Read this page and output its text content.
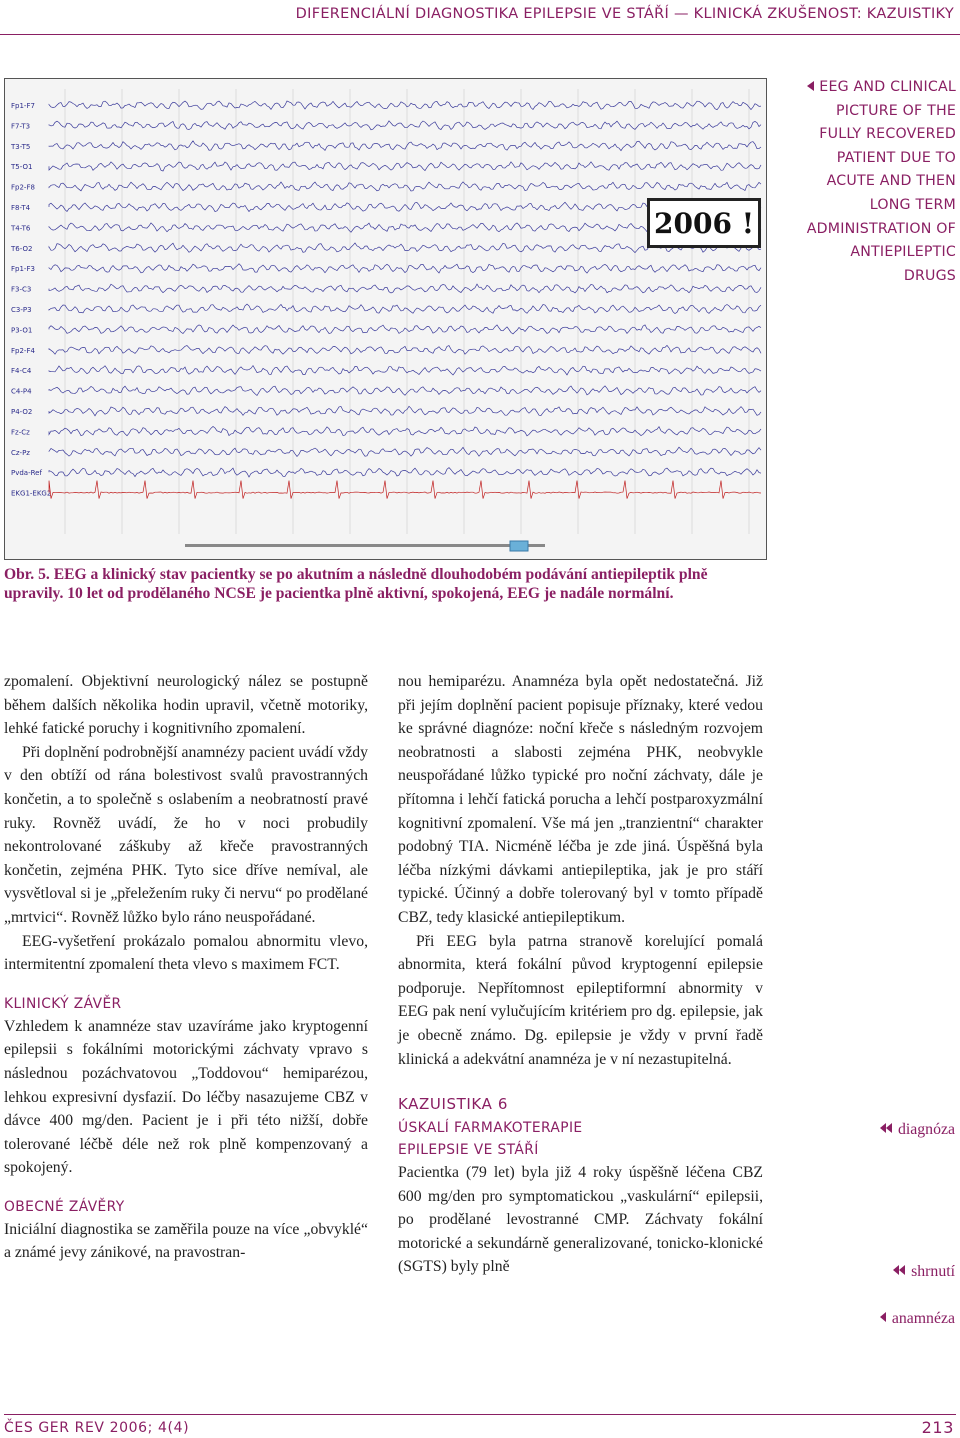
DIFERENCIÁLNÍ DIAGNOSTIKA EPILEPSIE VE STÁŘÍ — KLINICKÁ ZKUŠENOST: KAZUISTIKY
Fp1-F7
F7-T3
T3-T5
T5-O1
Fp2-F8
F8-T4
T4-T6
T6-O2
Fp1-F3
F3-C3
C3-P3
P3-O1
Fp2-F4
F4-C4
C4-P4
P4-O2
Fz-Cz
Cz-Pz
Pvda-Ref
EKG1-EKG2
2006 !
EEG AND CLINICAL PICTURE OF THE FULLY RECOVERED PATIENT DUE TO ACUTE AND THEN LONG TERM ADMINISTRATION OF ANTIEPILEPTIC DRUGS
Obr. 5. EEG a klinický stav pacientky se po akutním a následně dlouhodobém podávání antiepileptik plně upravily. 10 let od prodělaného NCSE je pacientka plně aktivní, spokojená, EEG je nadále normální.

zpomalení. Objektivní neurologický nález se postupně během dalších několika hodin upravil, včetně motoriky, lehké fatické poruchy i kognitivního zpomalení.

Při doplnění podrobnější anamnézy pacient uvádí vždy v den obtíží od rána bolestivost svalů pravostranných končetin, a to společně s oslabením a neobratností pravé ruky. Rovněž uvádí, že ho v noci probudily nekontrolované záškuby až křeče pravostranných končetin, zejména PHK. Tyto sice dříve nemíval, ale vysvětloval si je „přeležením ruky či nervu“ po prodělané „mrtvici“. Rovněž lůžko bylo ráno neuspořádané.

EEG-vyšetření prokázalo pomalou abnormitu vlevo, intermitentní zpomalení theta vlevo s maximem FCT.

KLINICKÝ ZÁVĚR

Vzhledem k anamnéze stav uzavíráme jako kryptogenní epilepsii s fokálními motorickými záchvaty vpravo s následnou pozáchvatovou „Toddovou“ hemiparézou, lehkou expresivní dysfazií. Do léčby nasazujeme CBZ v dávce 400 mg/den. Pacient je i při této nižší, dobře tolerované léčbě déle než rok plně kompenzovaný a spokojený.

OBECNÉ ZÁVĚRY

Iniciální diagnostika se zaměřila pouze na více „obvyklé“ a známé jevy zánikové, na pravostran-

nou hemiparézu. Anamnéza byla opět nedostatečná. Již při jejím doplnění pacient popisuje příznaky, které vedou ke správné diagnóze: noční křeče s následným rozvojem neobratnosti a slabosti zejména PHK, neobvykle neuspořádané lůžko typické pro noční záchvaty, dále je přítomna i lehčí fatická porucha a lehčí postparoxyzmální kognitivní zpomalení. Vše má jen „tranzientní“ charakter podobný TIA. Nicméně léčba je zde jiná. Úspěšná byla léčba nízkými dávkami antiepileptika, jak je pro stáří typické. Účinný a dobře tolerovaný byl v tomto případě CBZ, tedy klasické antiepileptikum.

Při EEG byla patrna stranově korelující pomalá abnormita, která fokální původ kryptogenní epilepsie podporuje. Nepřítomnost epileptiformní abnormity v EEG pak není vylučujícím kritériem pro dg. epilepsie, jak je obecně známo. Dg. epilepsie je vždy v první řadě klinická a adekvátní anamnéza je v ní nezastupitelná.

KAZUISTIKA 6
ÚSKALÍ FARMAKOTERAPIE
EPILEPSIE VE STÁŘÍ

Pacientka (79 let) byla již 4 roky úspěšně léčena CBZ 600 mg/den pro symptomatickou „vaskulární“ epilepsii, po prodělané levostranné CMP. Záchvaty fokální motorické a sekundárně generalizované, tonicko-klonické (SGTS) byly plně

diagnóza
shrnutí
anamnéza
ČES GER REV 2006; 4(4)	213
